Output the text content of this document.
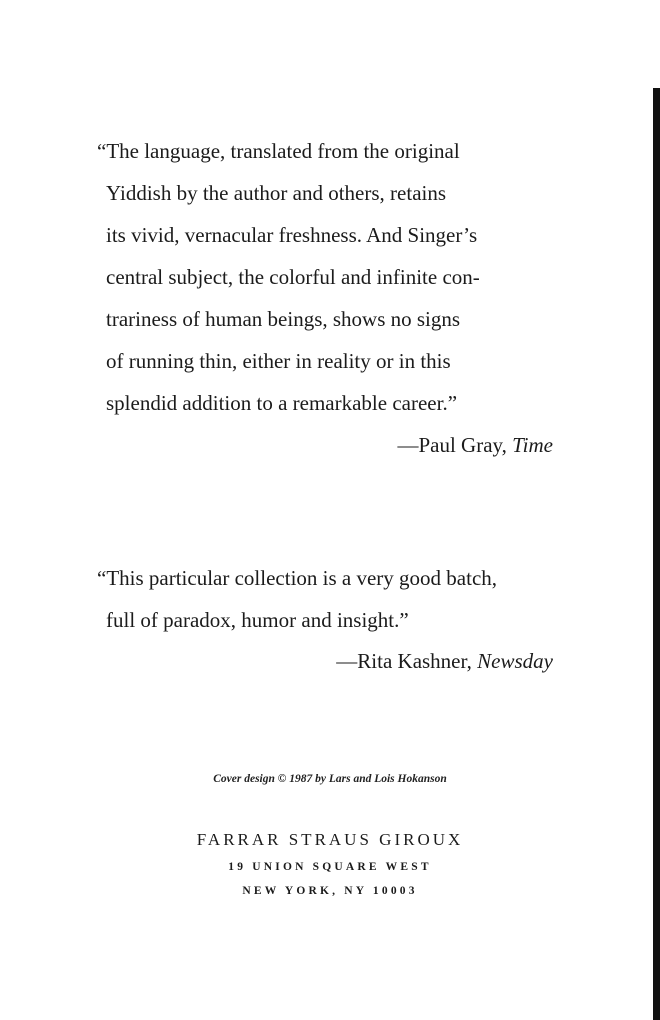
“The language, translated from the original
Yiddish by the author and others, retains
its vivid, vernacular freshness. And Singer’s
central subject, the colorful and infinite con-
trariness of human beings, shows no signs
of running thin, either in reality or in this
splendid addition to a remarkable career.”
—Paul Gray, Time
“This particular collection is a very good batch,
full of paradox, humor and insight.”
—Rita Kashner, Newsday
Cover design © 1987 by Lars and Lois Hokanson
FARRAR STRAUS GIROUX
19 UNION SQUARE WEST
NEW YORK, NY 10003
